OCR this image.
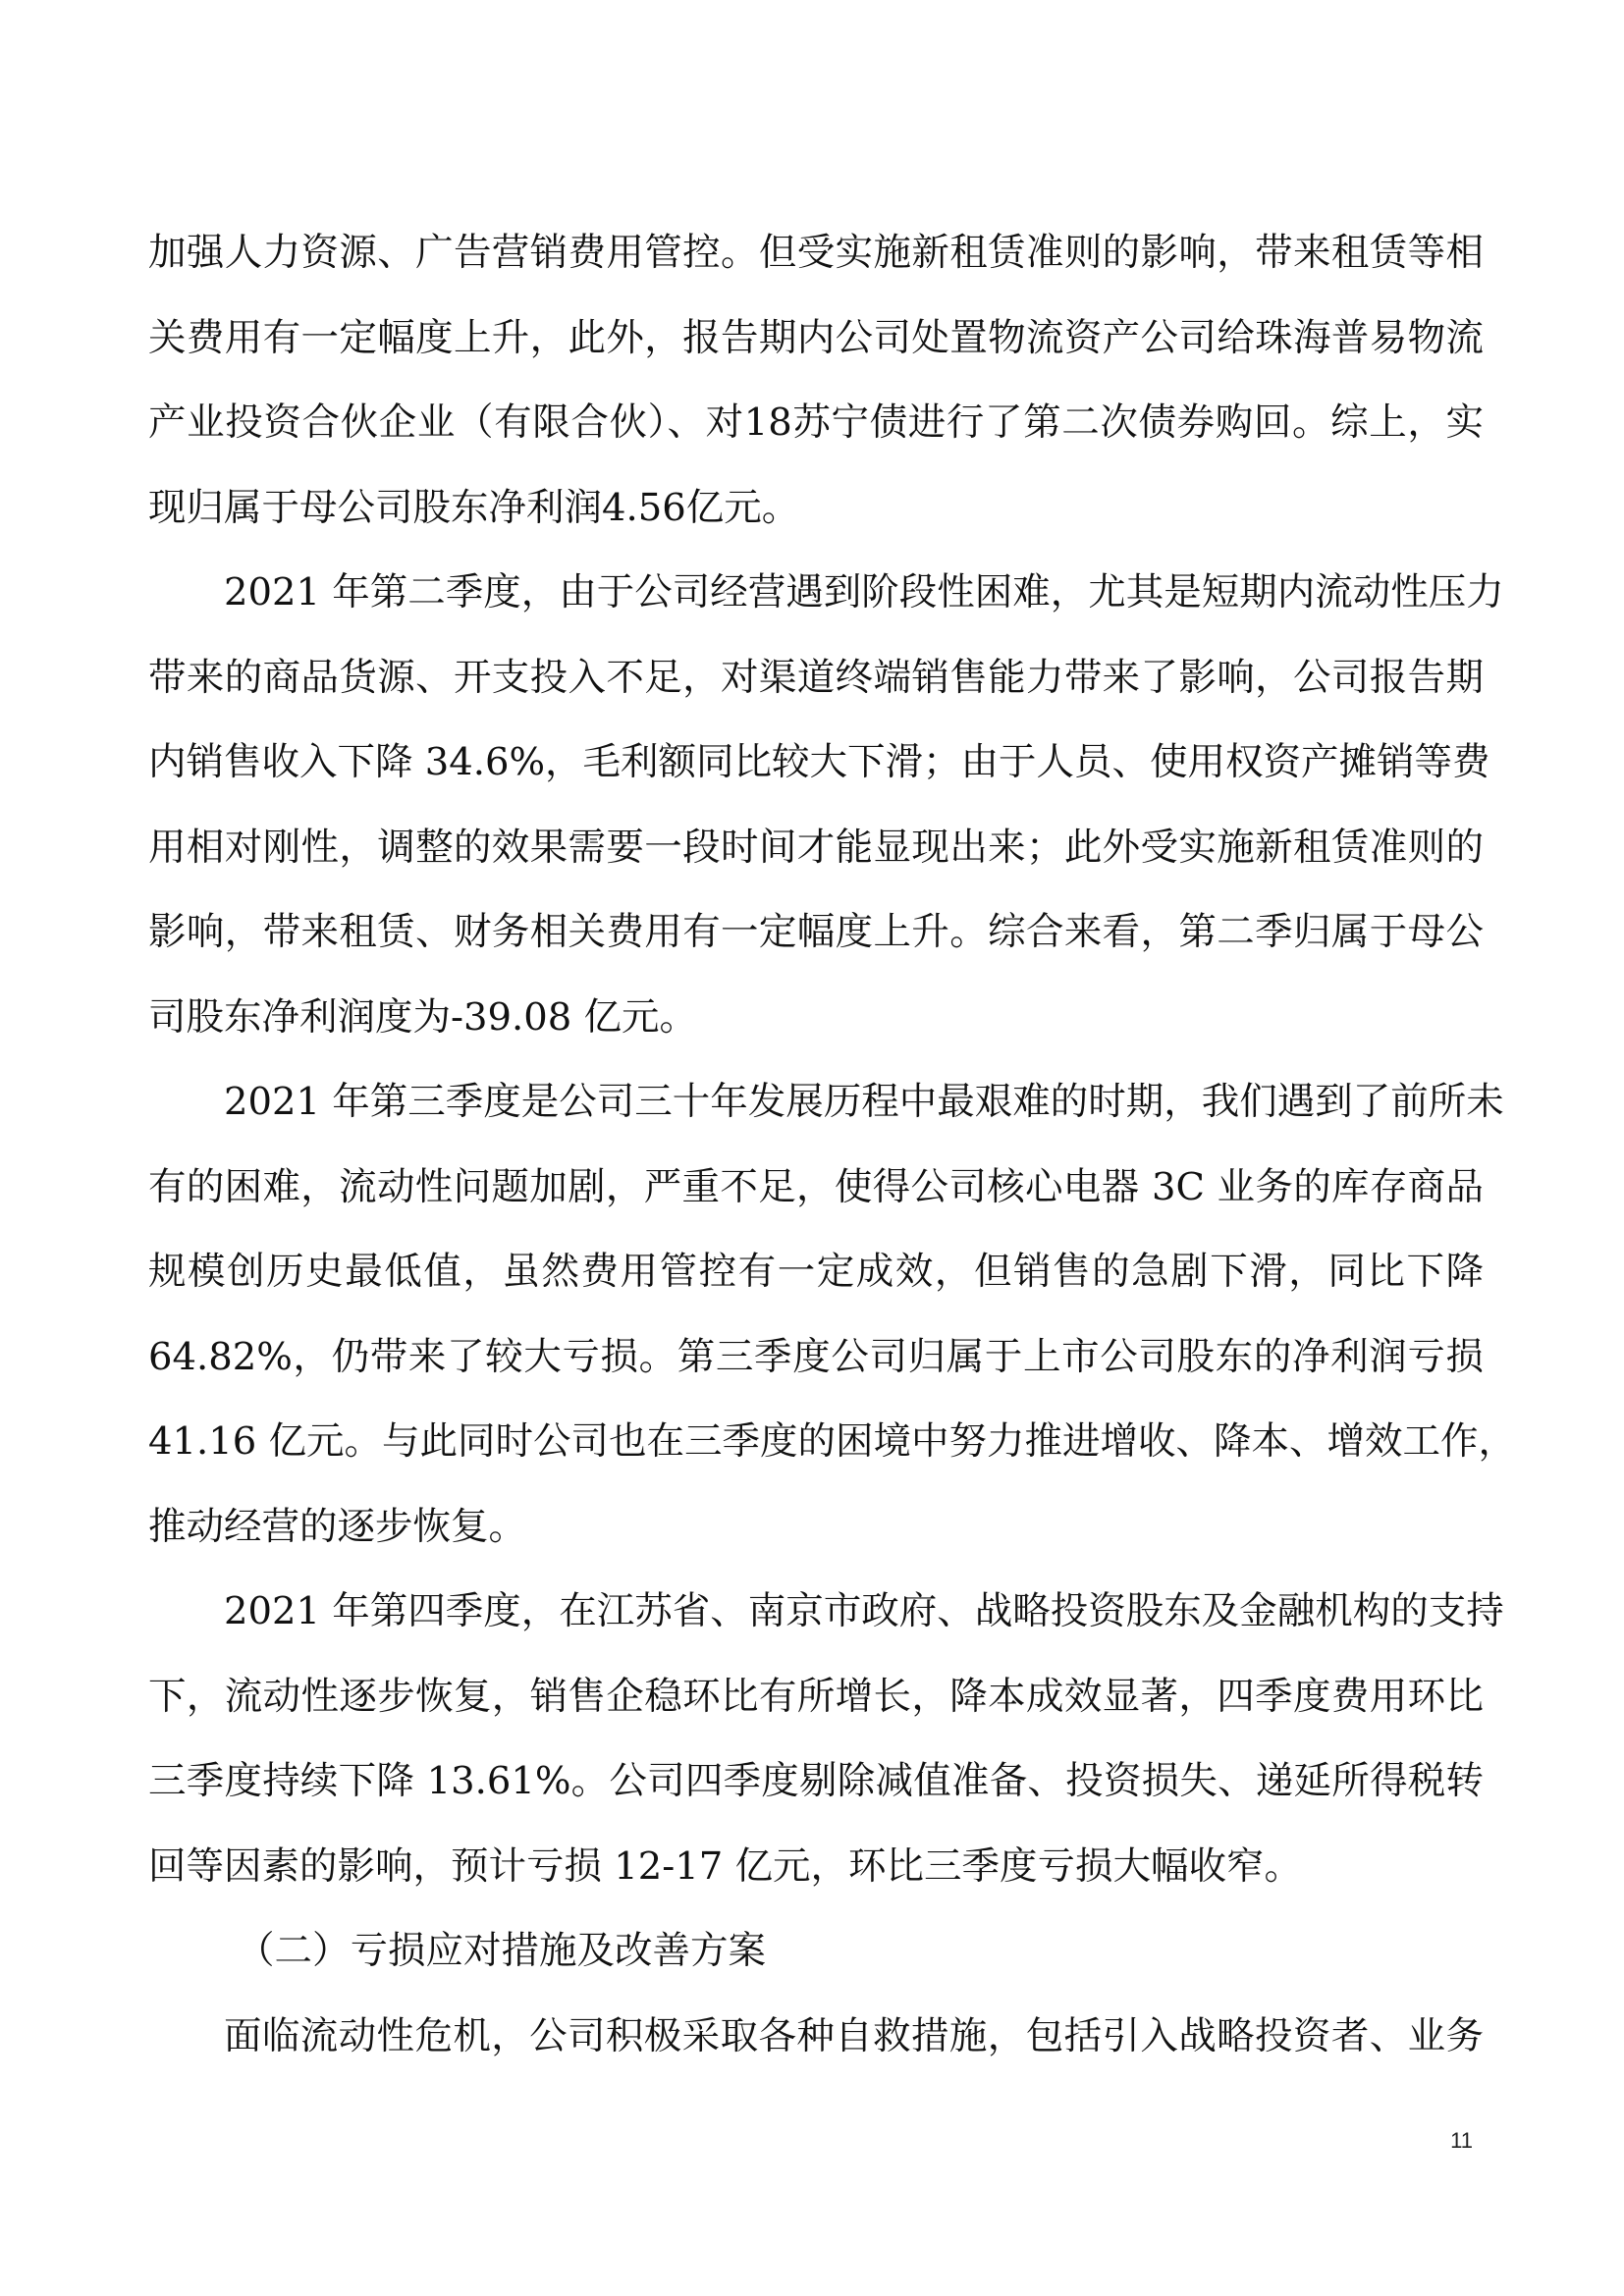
加强人力资源、广告营销费用管控。但受实施新租赁准则的影响，带来租赁等相
关费用有一定幅度上升，此外，报告期内公司处置物流资产公司给珠海普易物流
产业投资合伙企业（有限合伙）、对18苏宁债进行了第二次债券购回。综上，实
现归属于母公司股东净利润4.56亿元。
2021 年第二季度，由于公司经营遇到阶段性困难，尤其是短期内流动性压力
带来的商品货源、开支投入不足，对渠道终端销售能力带来了影响，公司报告期
内销售收入下降 34.6%，毛利额同比较大下滑；由于人员、使用权资产摊销等费
用相对刚性，调整的效果需要一段时间才能显现出来；此外受实施新租赁准则的
影响，带来租赁、财务相关费用有一定幅度上升。综合来看，第二季归属于母公
司股东净利润度为-39.08 亿元。
2021 年第三季度是公司三十年发展历程中最艰难的时期，我们遇到了前所未
有的困难，流动性问题加剧，严重不足，使得公司核心电器 3C 业务的库存商品
规模创历史最低值，虽然费用管控有一定成效，但销售的急剧下滑，同比下降
64.82%，仍带来了较大亏损。第三季度公司归属于上市公司股东的净利润亏损
41.16 亿元。与此同时公司也在三季度的困境中努力推进增收、降本、增效工作，
推动经营的逐步恢复。
2021 年第四季度，在江苏省、南京市政府、战略投资股东及金融机构的支持
下，流动性逐步恢复，销售企稳环比有所增长，降本成效显著，四季度费用环比
三季度持续下降 13.61%。公司四季度剔除减值准备、投资损失、递延所得税转
回等因素的影响，预计亏损 12-17 亿元，环比三季度亏损大幅收窄。
（二）亏损应对措施及改善方案
面临流动性危机，公司积极采取各种自救措施，包括引入战略投资者、业务
11
